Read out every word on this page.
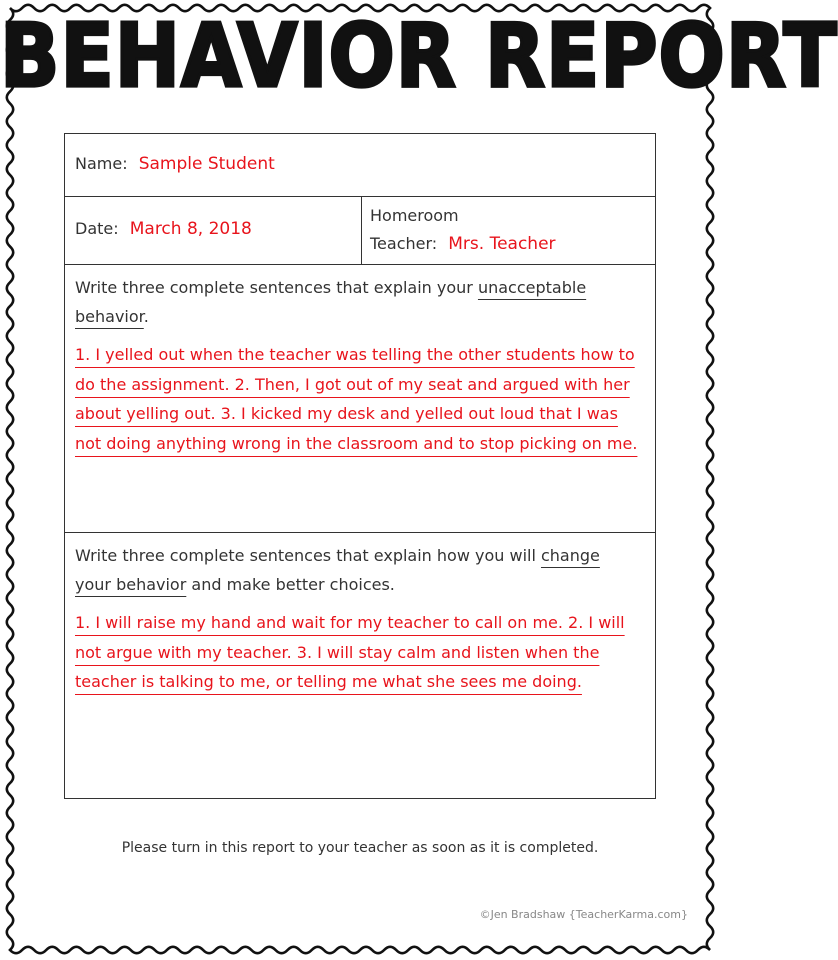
BEHAVIOR REPORT
Name: Sample Student
Date: March 8, 2018
Homeroom
Teacher: Mrs. Teacher
Write three complete sentences that explain your unacceptable behavior.
1. I yelled out when the teacher was telling the other students how to do the assignment. 2. Then, I got out of my seat and argued with her about yelling out. 3. I kicked my desk and yelled out loud that I was not doing anything wrong in the classroom and to stop picking on me.
Write three complete sentences that explain how you will change your behavior and make better choices.
1. I will raise my hand and wait for my teacher to call on me. 2. I will not argue with my teacher. 3. I will stay calm and listen when the teacher is talking to me, or telling me what she sees me doing.
Please turn in this report to your teacher as soon as it is completed.
©Jen Bradshaw {TeacherKarma.com}
